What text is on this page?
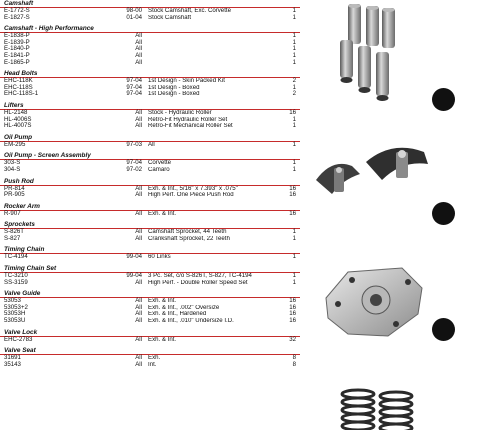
Camshaft
E-1772-S	98-00 Stock Camshaft, Exc. Corvette	1
E-1827-S	01-04 Stock Camshaft	1
Camshaft - High Performance
E-1838-P	All	1
E-1839-P	All	1
E-1840-P	All	1
E-1841-P	All	1
E-1865-P	All	1
Head Bolts
EHC-118K	97-04 1st Design - Skin Packed Kit	2
EHC-118S	97-04 1st Design - Boxed	1
EHC-118S-1	97-04 1st Design - Boxed	2
Lifters
HL-2148	All Stock - Hydraulic Roller	16
HL-4006S	All Retro-Fit Hydraulic Roller Set	1
HL-4007S	All Retro-Fit Mechanical Roller Set	1
Oil Pump
EM-295	97-03 All	1
Oil Pump - Screen Assembly
303-S	97-04 Corvette	1
304-S	97-02 Camaro	1
Push Rod
PR-814	All Exh. & Int., 5/16" x 7.393" x .075"	16
PR-905	All High Perf. One Piece Push Rod	16
Rocker Arm
R-907	All Exh. & Int.	16
Sprockets
S-826T	All Camshaft Sprocket, 44 Teeth	1
S-827	All Crankshaft Sprocket, 22 Teeth	1
Timing Chain
TC-4194	99-04 60 Links	1
Timing Chain Set
TC-3210	99-04 3 Pc. Set, c/o S-826T, S-827, TC-4194	1
SS-3159	All High Perf. - Double Roller Speed Set	1
Valve Guide
53053	All Exh. & Int.	16
53053+2	All Exh. & Int., .002" Oversize	16
53053H	All Exh. & Int., Hardened	16
53053U	All Exh. & Int., .010" Undersize I.D.	16
Valve Lock
EHC-2783	All Exh. & Int.	32
Valve Seat
31691	All Exh.	8
35143	All Int.	8
